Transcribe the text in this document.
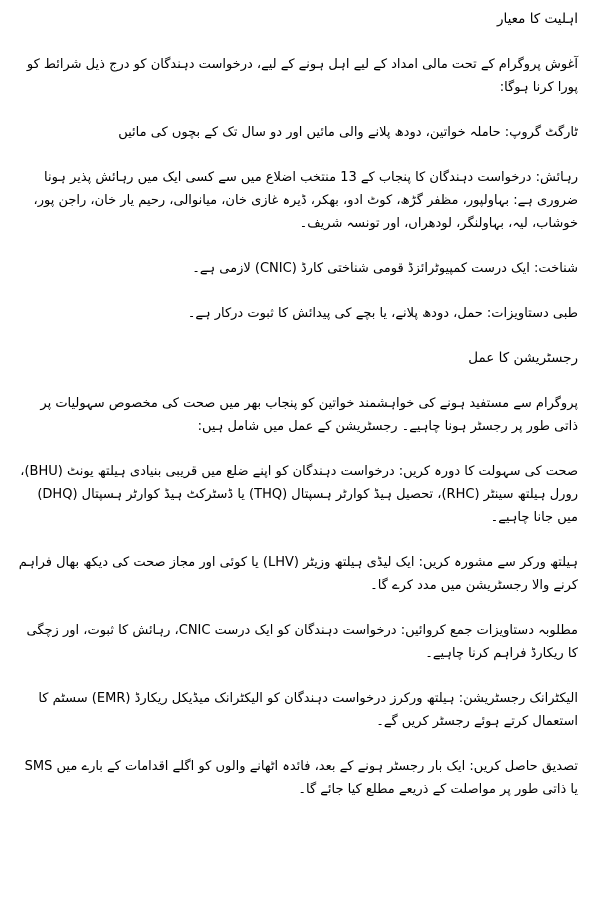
اہلیت کا معیار

آغوش پروگرام کے تحت مالی امداد کے لیے اہل ہونے کے لیے، درخواست دہندگان کو درج ذیل شرائط کو پورا کرنا ہوگا:

ٹارگٹ گروپ: حاملہ خواتین، دودھ پلانے والی مائیں اور دو سال تک کے بچوں کی مائیں

رہائش: درخواست دہندگان کا پنجاب کے 13 منتخب اضلاع میں سے کسی ایک میں رہائش پذیر ہونا ضروری ہے: بہاولپور، مظفر گڑھ، کوٹ ادو، بھکر، ڈیرہ غازی خان، میانوالی، رحیم یار خان، راجن پور، خوشاب، لیہ، بہاولنگر، لودھراں، اور تونسہ شریف۔

شناخت: ایک درست کمپیوٹرائزڈ قومی شناختی کارڈ (CNIC) لازمی ہے۔

طبی دستاویزات: حمل، دودھ پلانے، یا بچے کی پیدائش کا ثبوت درکار ہے۔

رجسٹریشن کا عمل

پروگرام سے مستفید ہونے کی خواہشمند خواتین کو پنجاب بھر میں صحت کی مخصوص سہولیات پر ذاتی طور پر رجسٹر ہونا چاہیے۔ رجسٹریشن کے عمل میں شامل ہیں:

صحت کی سہولت کا دورہ کریں: درخواست دہندگان کو اپنے ضلع میں قریبی بنیادی ہیلتھ یونٹ (BHU)، رورل ہیلتھ سینٹر (RHC)، تحصیل ہیڈ کوارٹر ہسپتال (THQ) یا ڈسٹرکٹ ہیڈ کوارٹر ہسپتال (DHQ) میں جانا چاہیے۔

ہیلتھ ورکر سے مشورہ کریں: ایک لیڈی ہیلتھ وزیٹر (LHV) یا کوئی اور مجاز صحت کی دیکھ بھال فراہم کرنے والا رجسٹریشن میں مدد کرے گا۔

مطلوبہ دستاویزات جمع کروائیں: درخواست دہندگان کو ایک درست CNIC، رہائش کا ثبوت، اور زچگی کا ریکارڈ فراہم کرنا چاہیے۔

الیکٹرانک رجسٹریشن: ہیلتھ ورکرز درخواست دہندگان کو الیکٹرانک میڈیکل ریکارڈ (EMR) سسٹم کا استعمال کرتے ہوئے رجسٹر کریں گے۔

تصدیق حاصل کریں: ایک بار رجسٹر ہونے کے بعد، فائدہ اٹھانے والوں کو اگلے اقدامات کے بارے میں SMS یا ذاتی طور پر مواصلت کے ذریعے مطلع کیا جائے گا۔
